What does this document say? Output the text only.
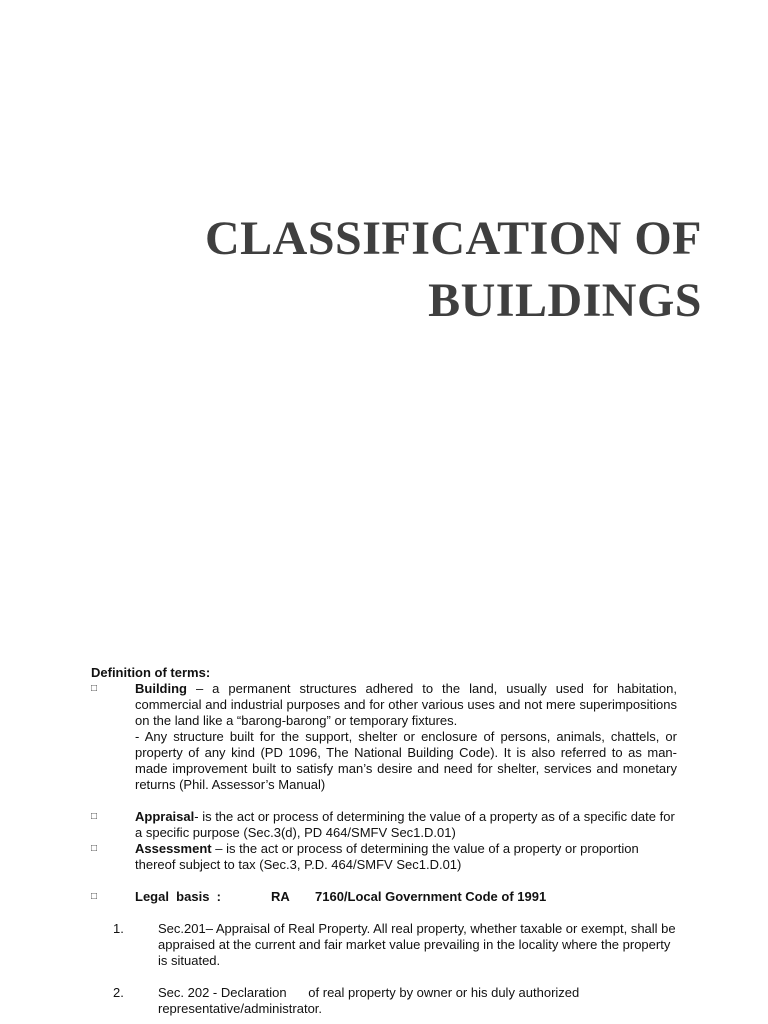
CLASSIFICATION OF
BUILDINGS
Definition of terms:
□	Building – a permanent structures adhered to the land, usually used for habitation, commercial and industrial purposes and for other various uses and not mere superimpositions on the land like a “barong-barong” or temporary fixtures.
- Any structure built for the support, shelter or enclosure of persons, animals, chattels, or property of any kind (PD 1096, The National Building Code). It is also referred to as man-made improvement built to satisfy man’s desire and need for shelter, services and monetary returns (Phil. Assessor’s Manual)
□	Appraisal- is the act or process of determining the value of a property as of a specific date for a specific purpose (Sec.3(d), PD 464/SMFV Sec1.D.01)
□	Assessment – is the act or process of determining the value of a property or proportion thereof subject to tax (Sec.3, P.D. 464/SMFV Sec1.D.01)
□	Legal  basis  :	RA	7160/Local Government Code of 1991
1.	Sec.201– Appraisal of Real Property. All real property, whether taxable or exempt, shall be appraised at the current and fair market value prevailing in the locality where the property is situated.
2.	Sec. 202 - Declaration      of real property by owner or his duly authorized representative/administrator.
